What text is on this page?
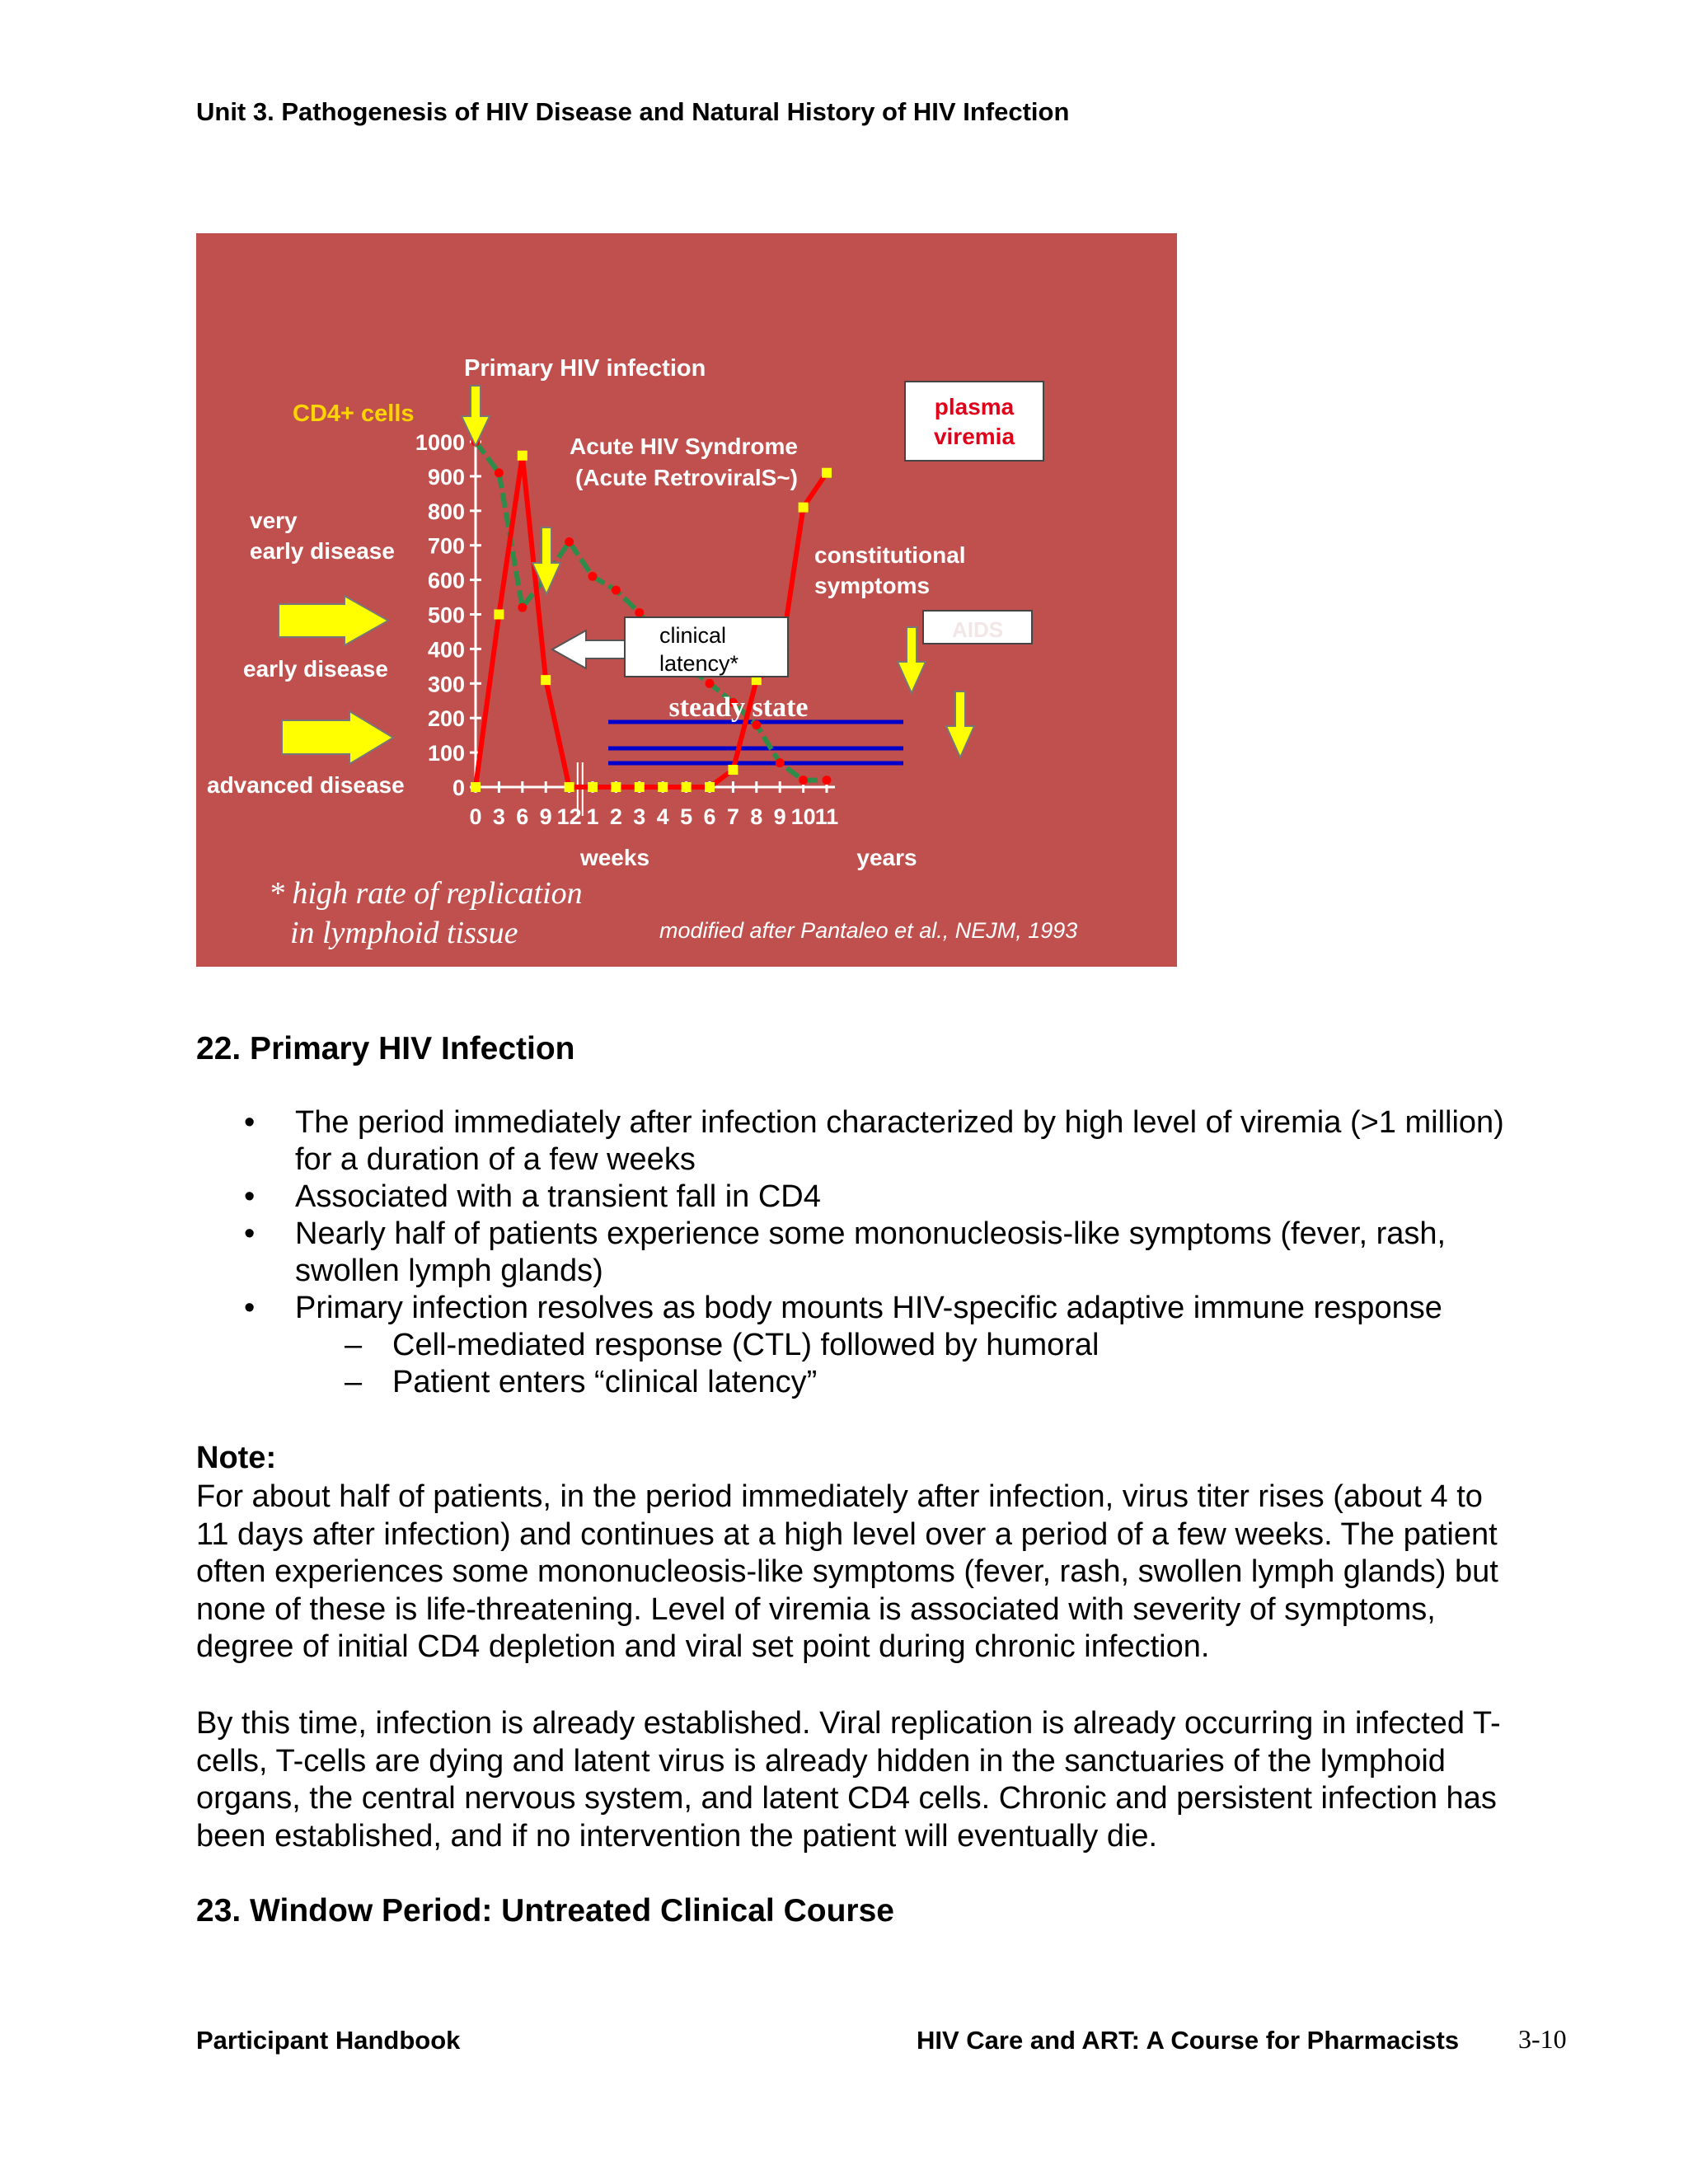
Unit 3. Pathogenesis of HIV Disease and Natural History of HIV Infection
0
100
200
300
400
500
600
700
800
900
1000
0 3 6 9 12 1 2 3 4 5 6 7 8 9 10 11
Primary HIV infection
CD4+ cells
Acute HIV Syndrome
(Acute RetroviralS~)
plasma
viremia
very
early disease
early disease
advanced disease
constitutional
symptoms
AIDS
clinical
latency*
steady state
weeks	years
* high rate of replication
in lymphoid tissue	modified after Pantaleo et al., NEJM, 1993
22. Primary HIV Infection
• The period immediately after infection characterized by high level of viremia (>1 million)
for a duration of a few weeks
• Associated with a transient fall in CD4
• Nearly half of patients experience some mononucleosis-like symptoms (fever, rash,
swollen lymph glands)
• Primary infection resolves as body mounts HIV-specific adaptive immune response
– Cell-mediated response (CTL) followed by humoral
– Patient enters “clinical latency”
Note:
For about half of patients, in the period immediately after infection, virus titer rises (about 4 to
11 days after infection) and continues at a high level over a period of a few weeks. The patient
often experiences some mononucleosis-like symptoms (fever, rash, swollen lymph glands) but
none of these is life-threatening. Level of viremia is associated with severity of symptoms,
degree of initial CD4 depletion and viral set point during chronic infection.
By this time, infection is already established. Viral replication is already occurring in infected T-
cells, T-cells are dying and latent virus is already hidden in the sanctuaries of the lymphoid
organs, the central nervous system, and latent CD4 cells. Chronic and persistent infection has
been established, and if no intervention the patient will eventually die.
23. Window Period: Untreated Clinical Course
Participant Handbook	HIV Care and ART: A Course for Pharmacists 3-10
